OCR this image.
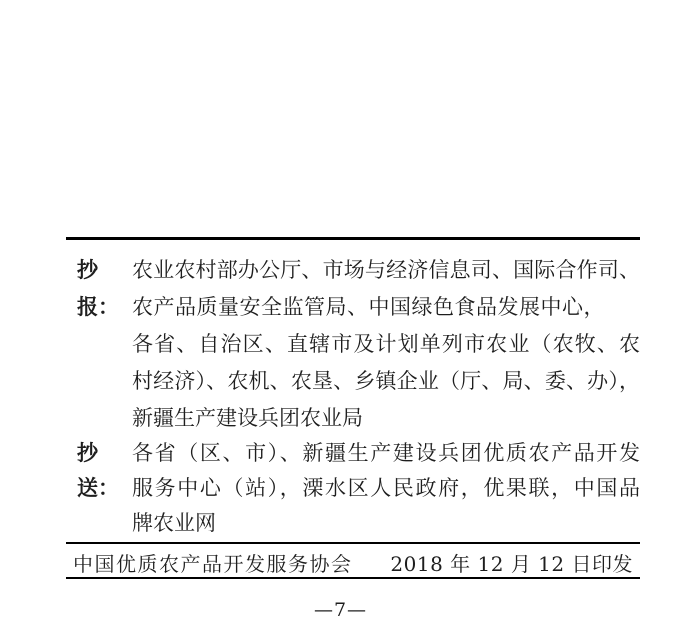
抄报：
农业农村部办公厅、市场与经济信息司、国际合作司、
农产品质量安全监管局、中国绿色食品发展中心，
各省、自治区、直辖市及计划单列市农业（农牧、农
村经济）、农机、农垦、乡镇企业（厅、局、委、办），
新疆生产建设兵团农业局
抄送：
各省（区、市）、新疆生产建设兵团优质农产品开发
服务中心（站），溧水区人民政府，优果联，中国品
牌农业网
中国优质农产品开发服务协会 2018 年 12 月 12 日印发
—7—
